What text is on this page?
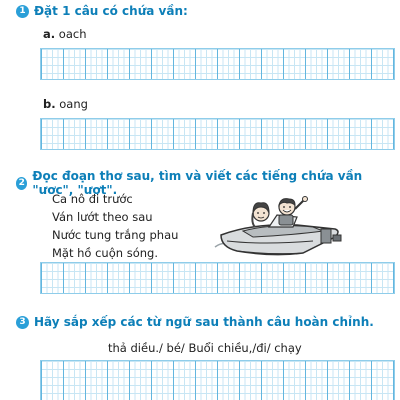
1 Đặt 1 câu có chứa vần:
a. oach
b. oang
2 Đọc đoạn thơ sau, tìm và viết các tiếng chứa vần "ươc", "ươt".
Ca nô đi trước
Ván lướt theo sau
Nước tung trắng phau
Mặt hồ cuộn sóng.
3 Hãy sắp xếp các từ ngữ sau thành câu hoàn chỉnh.
thả diều./ bé/ Buổi chiều,/đi/ chạy
